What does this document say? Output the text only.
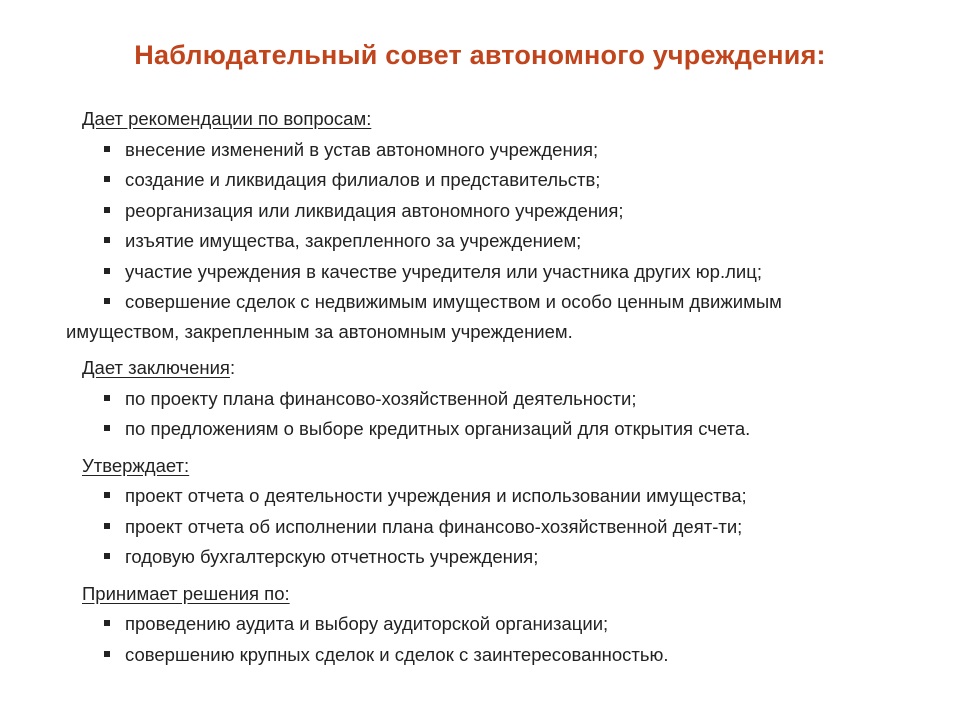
Наблюдательный совет автономного учреждения:
Дает рекомендации по вопросам:
внесение изменений в устав автономного учреждения;
создание и ликвидация филиалов и представительств;
реорганизация или ликвидация автономного учреждения;
изъятие имущества, закрепленного за учреждением;
участие учреждения в качестве учредителя или участника других юр.лиц;
совершение сделок с недвижимым имуществом и особо ценным движимым имуществом, закрепленным за автономным учреждением.
Дает заключения:
по проекту плана финансово-хозяйственной деятельности;
по предложениям о выборе кредитных организаций для открытия счета.
Утверждает:
проект отчета о деятельности учреждения и использовании имущества;
проект отчета об исполнении плана финансово-хозяйственной деят-ти;
годовую бухгалтерскую отчетность учреждения;
Принимает решения по:
проведению аудита и выбору аудиторской организации;
совершению крупных сделок и сделок с заинтересованностью.
